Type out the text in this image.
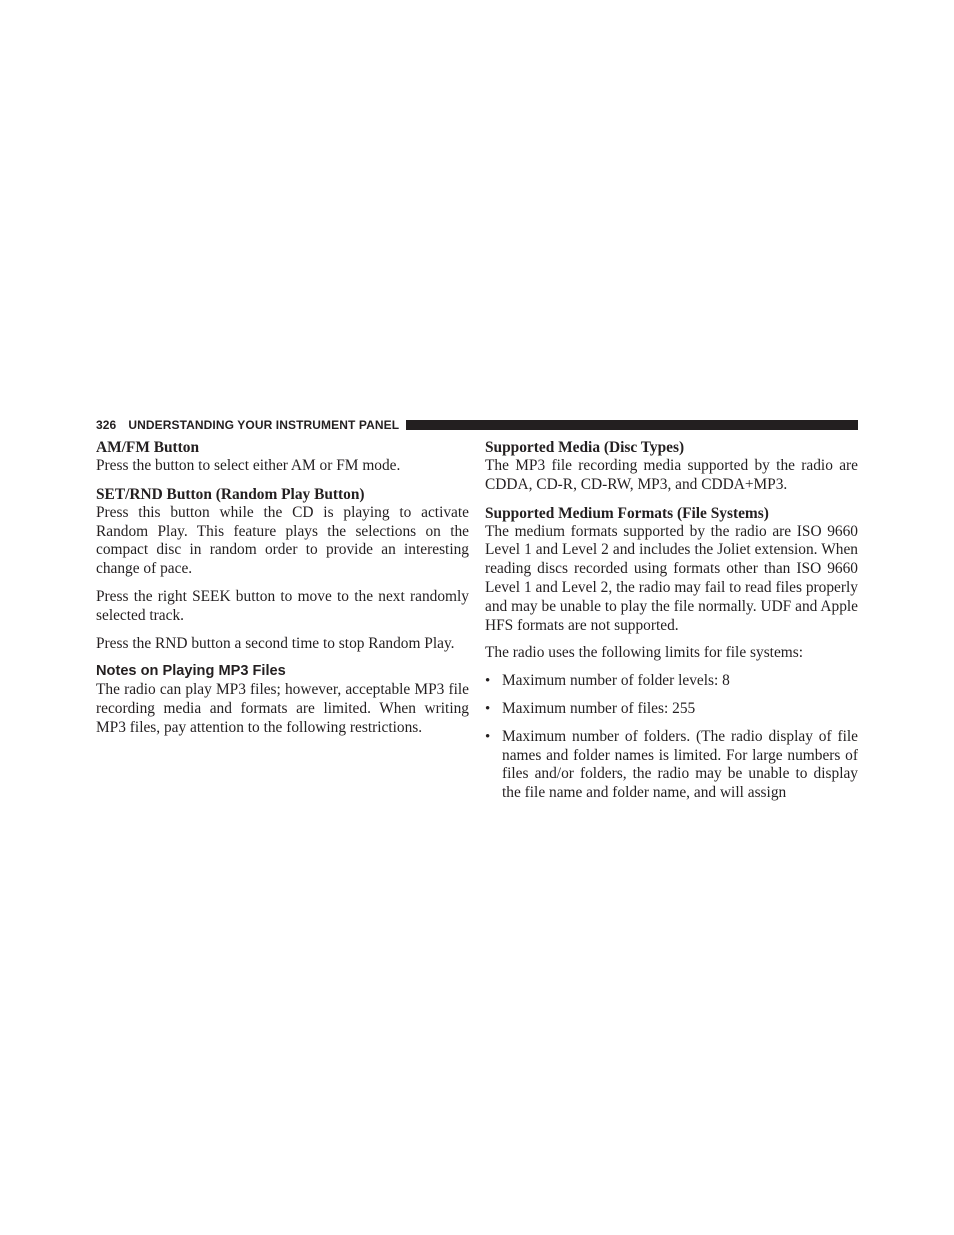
326 UNDERSTANDING YOUR INSTRUMENT PANEL
AM/FM Button

Press the button to select either AM or FM mode.

SET/RND Button (Random Play Button)

Press this button while the CD is playing to activate Random Play. This feature plays the selections on the compact disc in random order to provide an interesting change of pace.

Press the right SEEK button to move to the next randomly selected track.

Press the RND button a second time to stop Random Play.

Notes on Playing MP3 Files

The radio can play MP3 files; however, acceptable MP3 file recording media and formats are limited. When writing MP3 files, pay attention to the following restrictions.

Supported Media (Disc Types)

The MP3 file recording media supported by the radio are CDDA, CD-R, CD-RW, MP3, and CDDA+MP3.

Supported Medium Formats (File Systems)

The medium formats supported by the radio are ISO 9660 Level 1 and Level 2 and includes the Joliet extension. When reading discs recorded using formats other than ISO 9660 Level 1 and Level 2, the radio may fail to read files properly and may be unable to play the file normally. UDF and Apple HFS formats are not supported.

The radio uses the following limits for file systems:

• Maximum number of folder levels: 8
• Maximum number of files: 255
• Maximum number of folders. (The radio display of file names and folder names is limited. For large numbers of files and/or folders, the radio may be unable to display the file name and folder name, and will assign
